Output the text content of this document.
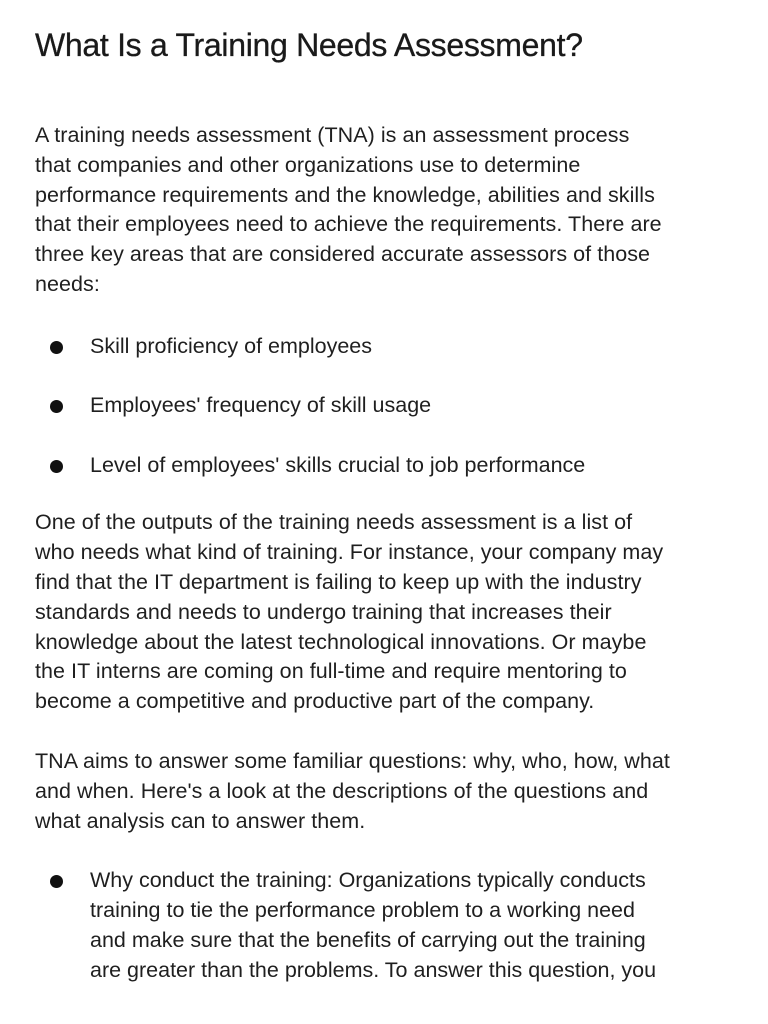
What Is a Training Needs Assessment?

A training needs assessment (TNA) is an assessment process
that companies and other organizations use to determine
performance requirements and the knowledge, abilities and skills
that their employees need to achieve the requirements. There are
three key areas that are considered accurate assessors of those
needs:

Skill proficiency of employees
Employees' frequency of skill usage
Level of employees' skills crucial to job performance

One of the outputs of the training needs assessment is a list of
who needs what kind of training. For instance, your company may
find that the IT department is failing to keep up with the industry
standards and needs to undergo training that increases their
knowledge about the latest technological innovations. Or maybe
the IT interns are coming on full-time and require mentoring to
become a competitive and productive part of the company.

TNA aims to answer some familiar questions: why, who, how, what
and when. Here's a look at the descriptions of the questions and
what analysis can to answer them.

Why conduct the training: Organizations typically conducts
training to tie the performance problem to a working need
and make sure that the benefits of carrying out the training
are greater than the problems. To answer this question, you
